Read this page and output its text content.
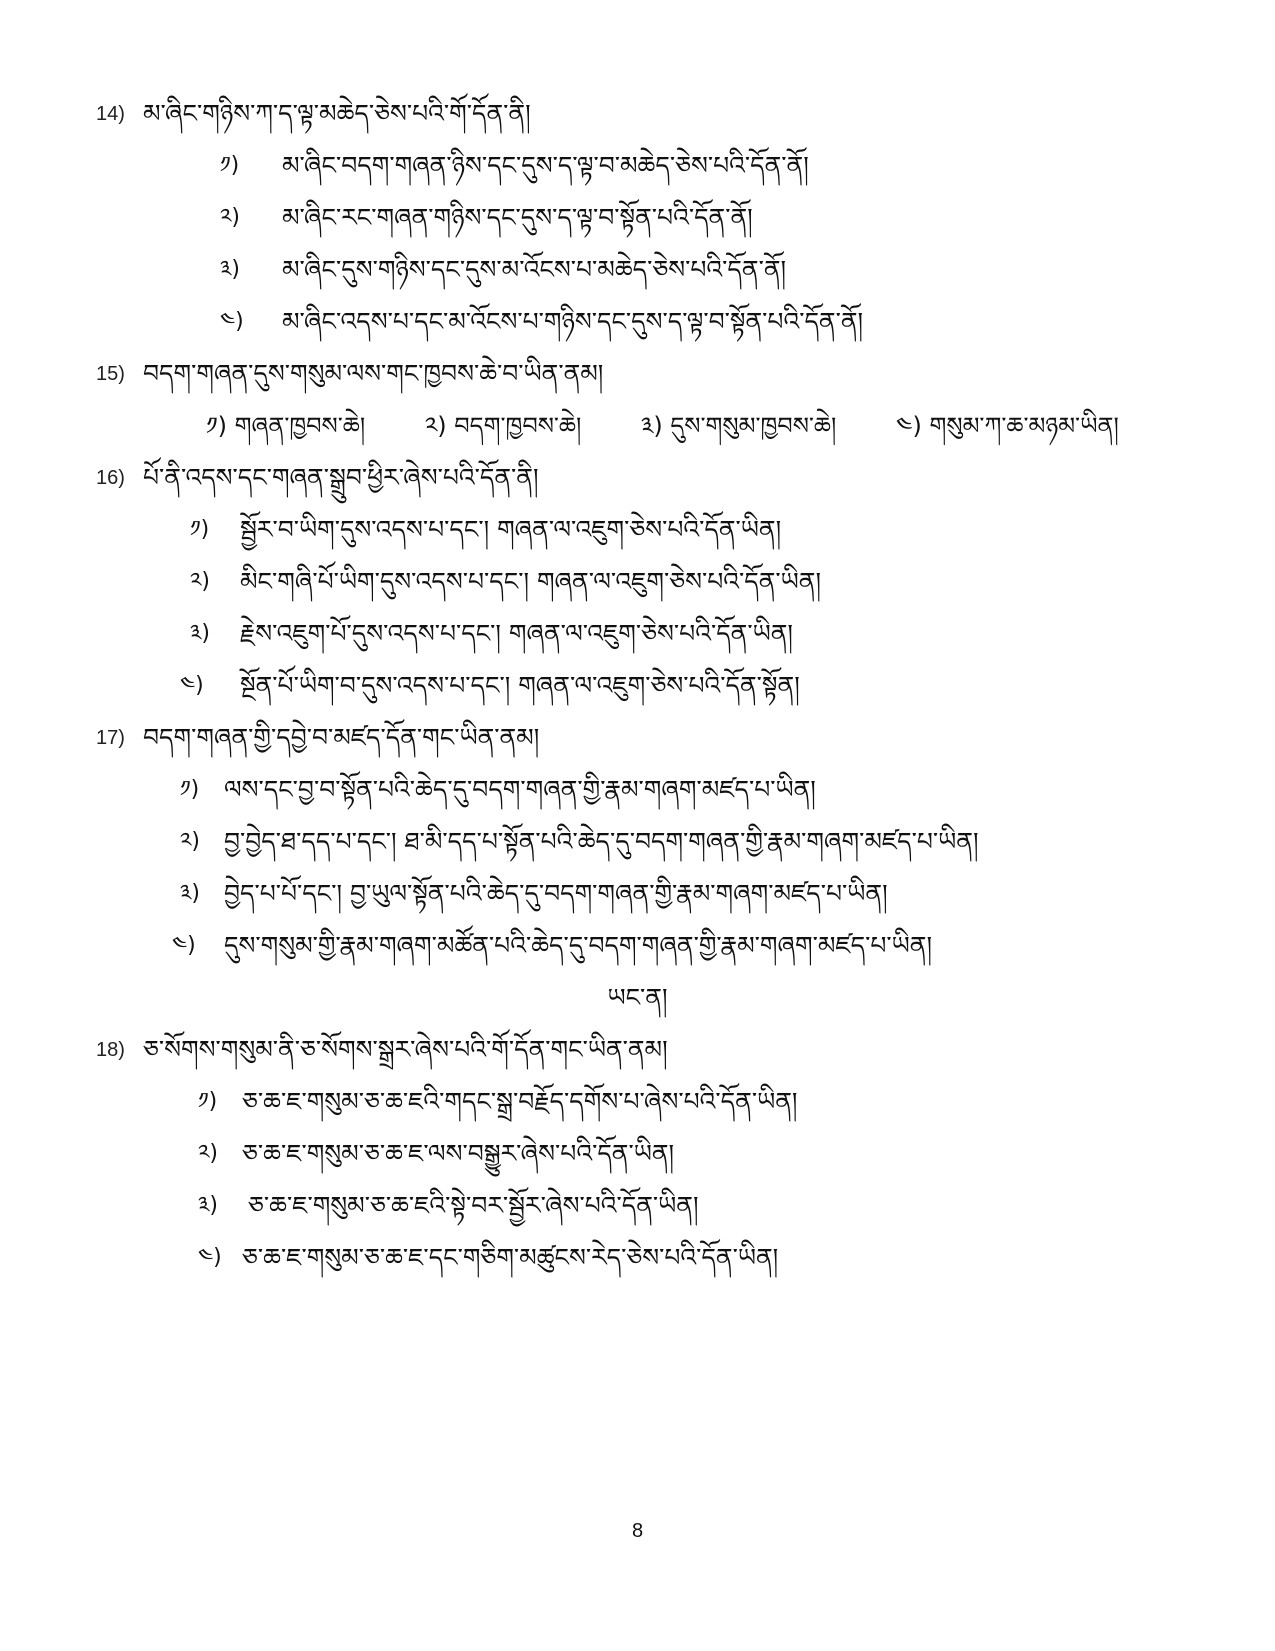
14) མ་ཞིང་གཉིས་ཀ་ད་ལྟ་མཆེད་ཅེས་པའི་གོ་དོན་ནི།
༡) མ་ཞིང་བདག་གཞན་ཉིས་དང་དུས་ད་ལྟ་བ་མཆེད་ཅེས་པའི་དོན་ནོ།
༢) མ་ཞིང་རང་གཞན་གཉིས་དང་དུས་ད་ལྟ་བ་སྟོན་པའི་དོན་ནོ།
༣) མ་ཞིང་དུས་གཉིས་དང་དུས་མ་འོངས་པ་མཆེད་ཅེས་པའི་དོན་ནོ།
༤) མ་ཞིང་འདས་པ་དང་མ་འོངས་པ་གཉིས་དང་དུས་ད་ལྟ་བ་སྟོན་པའི་དོན་ནོ།
15) བདག་གཞན་དུས་གསུམ་ལས་གང་ཁྱབས་ཆེ་བ་ཡིན་ནམ།
༡) གཞན་ཁྱབས་ཆེ། ༢) བདག་ཁྱབས་ཆེ། ༣) དུས་གསུམ་ཁྱབས་ཆེ། ༤) གསུམ་ཀ་ཆ་མཉམ་ཡིན།
16) པོ་ནི་འདས་དང་གཞན་སྒྲུབ་ཕྱིར་ཞེས་པའི་དོན་ནི།
༡) སྦྱོར་བ་ཡིག་དུས་འདས་པ་དང་། གཞན་ལ་འཇུག་ཅེས་པའི་དོན་ཡིན།
༢) མིང་གཞི་པོ་ཡིག་དུས་འདས་པ་དང་། གཞན་ལ་འཇུག་ཅེས་པའི་དོན་ཡིན།
༣) རྗེས་འཇུག་པོ་དུས་འདས་པ་དང་། གཞན་ལ་འཇུག་ཅེས་པའི་དོན་ཡིན།
༤) སྔོན་པོ་ཡིག་བ་དུས་འདས་པ་དང་། གཞན་ལ་འཇུག་ཅེས་པའི་དོན་སྟོན།
17) བདག་གཞན་གྱི་དབྱེ་བ་མཛད་དོན་གང་ཡིན་ནམ།
༡) ལས་དང་བྱ་བ་སྟོན་པའི་ཆེད་དུ་བདག་གཞན་གྱི་རྣམ་གཞག་མཛད་པ་ཡིན།
༢) བྱ་བྱེད་ཐ་དད་པ་དང་། ཐ་མི་དད་པ་སྟོན་པའི་ཆེད་དུ་བདག་གཞན་གྱི་རྣམ་གཞག་མཛད་པ་ཡིན།
༣) བྱེད་པ་པོ་དང་། བྱ་ཡུལ་སྟོན་པའི་ཆེད་དུ་བདག་གཞན་གྱི་རྣམ་གཞག་མཛད་པ་ཡིན།
༤) དུས་གསུམ་གྱི་རྣམ་གཞག་མཚོན་པའི་ཆེད་དུ་བདག་གཞན་གྱི་རྣམ་གཞག་མཛད་པ་ཡིན།
ཡང་ན།
18) ཅ་སོགས་གསུམ་ནི་ཅ་སོགས་སྒྲར་ཞེས་པའི་གོ་དོན་གང་ཡིན་ནམ།
༡) ཅ་ཆ་ཇ་གསུམ་ཅ་ཆ་ཇའི་གདང་སྒྲ་བརྗོད་དགོས་པ་ཞེས་པའི་དོན་ཡིན།
༢) ཅ་ཆ་ཇ་གསུམ་ཅ་ཆ་ཇ་ལས་བསྒྱུར་ཞེས་པའི་དོན་ཡིན།
༣) ཅ་ཆ་ཇ་གསུམ་ཅ་ཆ་ཇའི་སྟེ་བར་སྦྱོར་ཞེས་པའི་དོན་ཡིན།
༤) ཅ་ཆ་ཇ་གསུམ་ཅ་ཆ་ཇ་དང་གཅིག་མཚུངས་རེད་ཅེས་པའི་དོན་ཡིན།
8
